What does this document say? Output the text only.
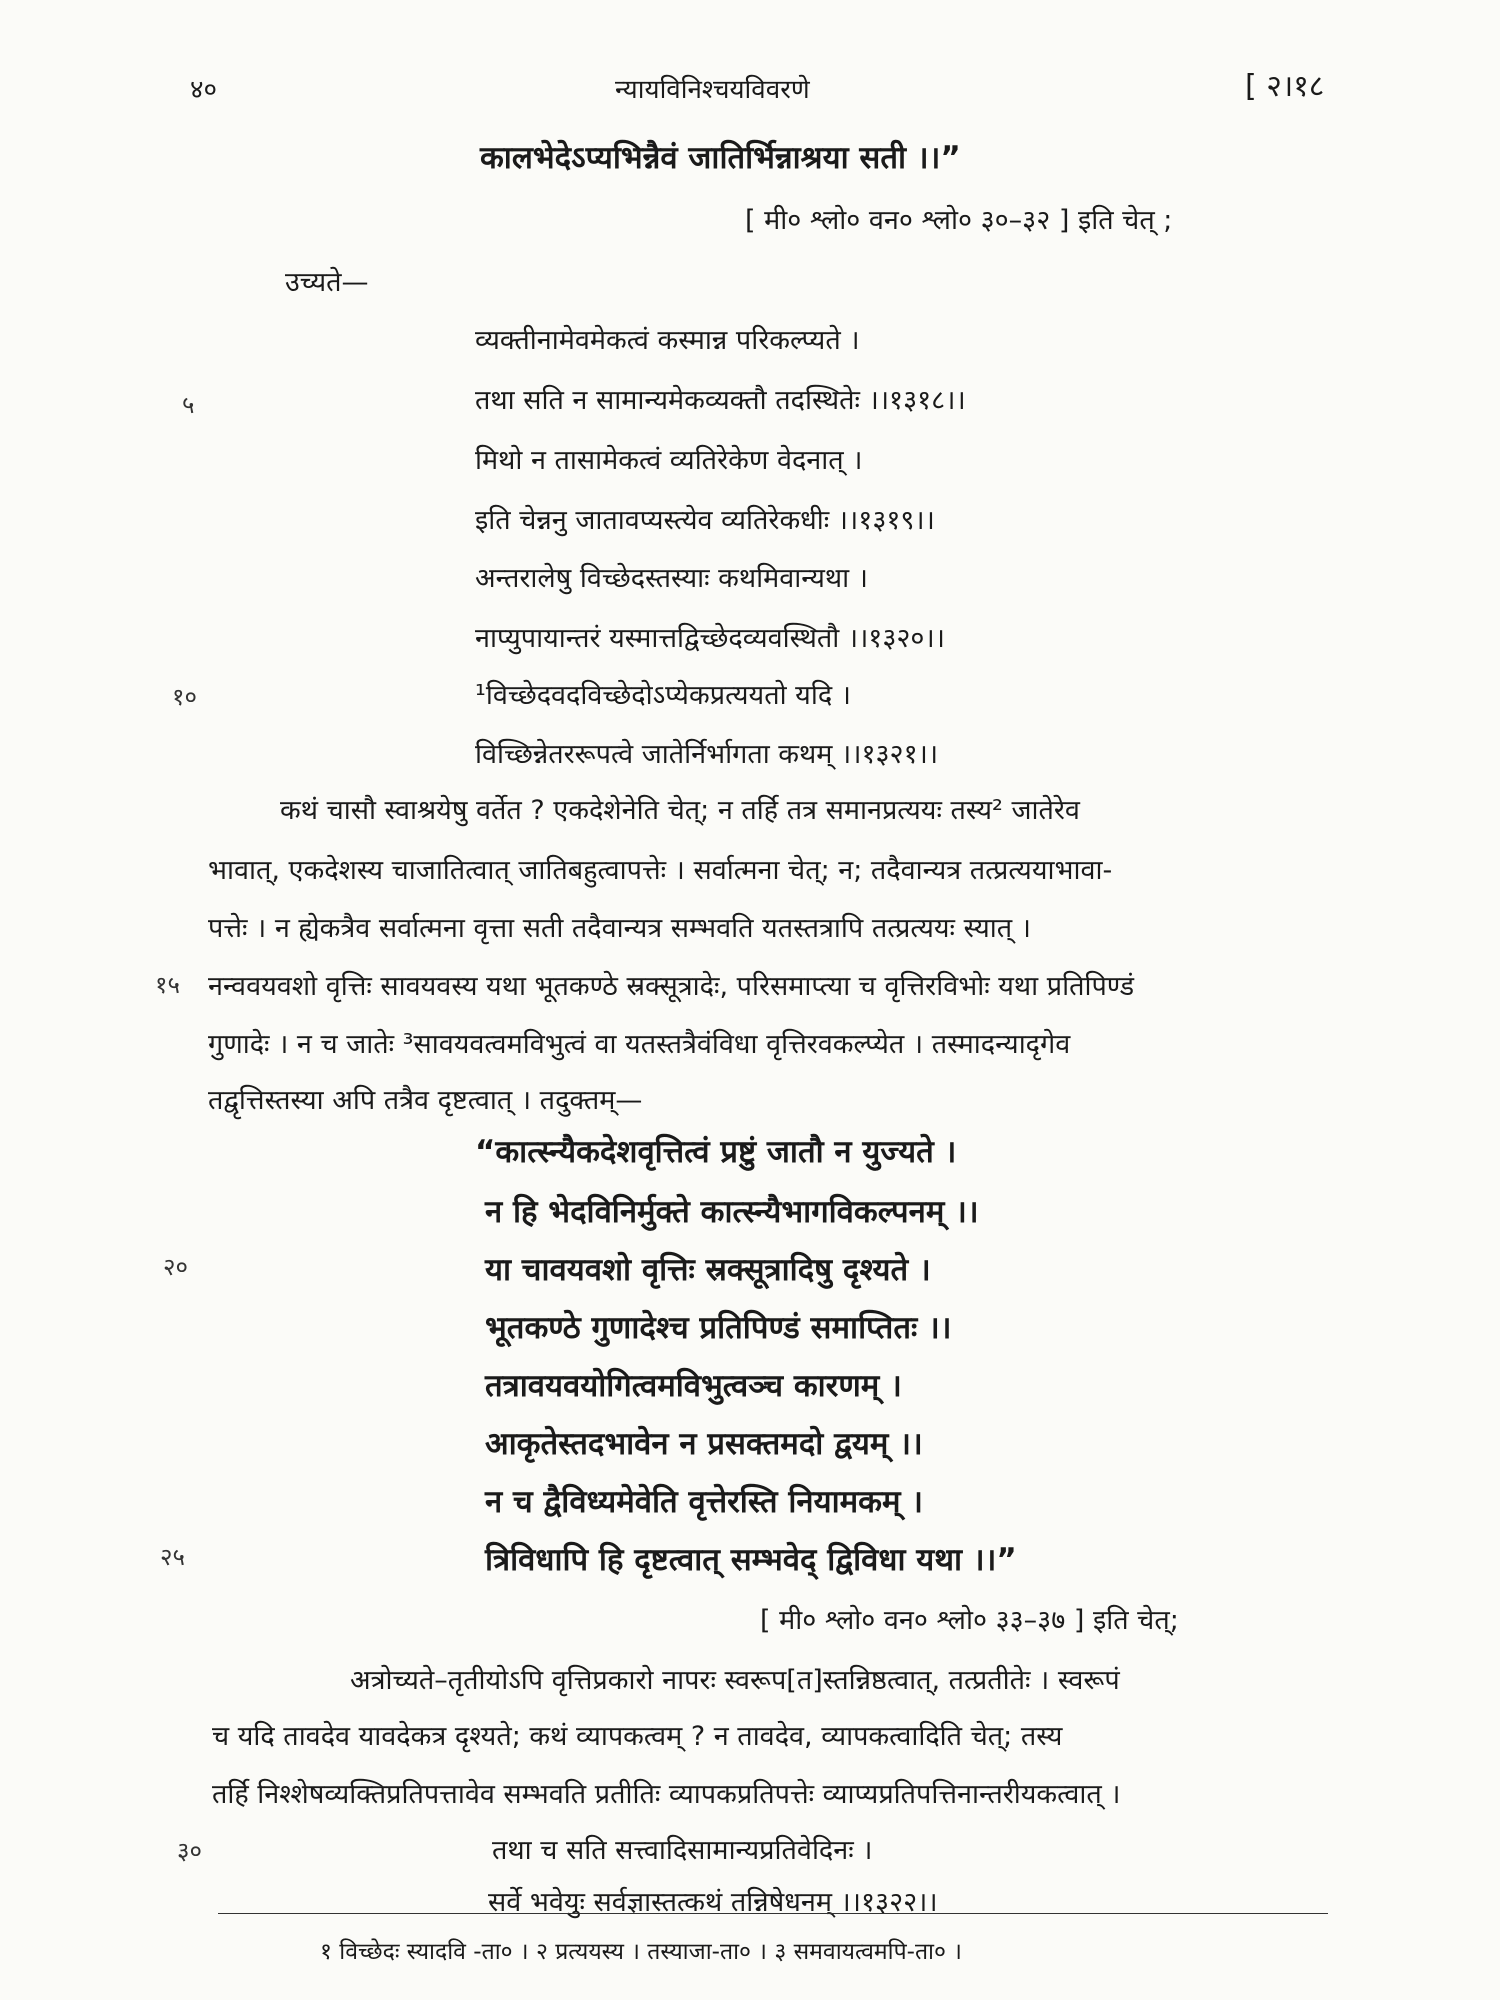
४०	न्यायविनिश्चयविवरणे	[ २।१८
कालभेदेऽप्यभिन्नैवं जातिर्भिन्नाश्रया सती ।।”
[ मी० श्लो० वन० श्लो० ३०–३२ ] इति चेत् ;
उच्यते—
व्यक्तीनामेवमेकत्वं कस्मान्न परिकल्प्यते ।
तथा सति न सामान्यमेकव्यक्तौ तदस्थितेः ।।१३१८।।
मिथो न तासामेकत्वं व्यतिरेकेण वेदनात् ।
इति चेन्ननु जातावप्यस्त्येव व्यतिरेकधीः ।।१३१९।।
अन्तरालेषु विच्छेदस्तस्याः कथमिवान्यथा ।
नाप्युपायान्तरं यस्मात्तद्विच्छेदव्यवस्थितौ ।।१३२०।।
¹विच्छेदवदविच्छेदोऽप्येकप्रत्ययतो यदि ।
विच्छिन्नेतररूपत्वे जातेर्निर्भागता कथम् ।।१३२१।।
कथं चासौ स्वाश्रयेषु वर्तेत ? एकदेशेनेति चेत्; न तर्हि तत्र समानप्रत्ययः तस्य² जातेरेव
भावात्, एकदेशस्य चाजातित्वात् जातिबहुत्वापत्तेः । सर्वात्मना चेत्; न; तदैवान्यत्र तत्प्रत्ययाभावा-
पत्तेः । न ह्येकत्रैव सर्वात्मना वृत्ता सती तदैवान्यत्र सम्भवति यतस्तत्रापि तत्प्रत्ययः स्यात् ।
नन्ववयवशो वृत्तिः सावयवस्य यथा भूतकण्ठे स्रक्सूत्रादेः, परिसमाप्त्या च वृत्तिरविभोः यथा प्रतिपिण्डं
गुणादेः । न च जातेः ³सावयवत्वमविभुत्वं वा यतस्तत्रैवंविधा वृत्तिरवकल्प्येत । तस्मादन्यादृगेव
तद्वृत्तिस्तस्या अपि तत्रैव दृष्टत्वात् । तदुक्तम्—
“कात्स्न्यैकदेशवृत्तित्वं प्रष्टुं जातौ न युज्यते ।
न हि भेदविनिर्मुक्ते कात्स्न्यैभागविकल्पनम् ।।
या चावयवशो वृत्तिः स्रक्सूत्रादिषु दृश्यते ।
भूतकण्ठे गुणादेश्च प्रतिपिण्डं समाप्तितः ।।
तत्रावयवयोगित्वमविभुत्वञ्च कारणम् ।
आकृतेस्तदभावेन न प्रसक्तमदो द्वयम् ।।
न च द्वैविध्यमेवेति वृत्तेरस्ति नियामकम् ।
त्रिविधापि हि दृष्टत्वात् सम्भवेद् द्विविधा यथा ।।”
[ मी० श्लो० वन० श्लो० ३३–३७ ] इति चेत्;
अत्रोच्यते–तृतीयोऽपि वृत्तिप्रकारो नापरः स्वरूप[त]स्तन्निष्ठत्वात्, तत्प्रतीतेः । स्वरूपं
च यदि तावदेव यावदेकत्र दृश्यते; कथं व्यापकत्वम् ? न तावदेव, व्यापकत्वादिति चेत्; तस्य
तर्हि निश्शेषव्यक्तिप्रतिपत्तावेव सम्भवति प्रतीतिः व्यापकप्रतिपत्तेः व्याप्यप्रतिपत्तिनान्तरीयकत्वात् ।
तथा च सति सत्त्वादिसामान्यप्रतिवेदिनः ।
सर्वे भवेयुः सर्वज्ञास्तत्कथं तन्निषेधनम् ।।१३२२।।
५
१०
१५
२०
२५
३०
१ विच्छेदः स्यादवि -ता० । २ प्रत्ययस्य । तस्याजा-ता० । ३ समवायत्वमपि-ता० ।
